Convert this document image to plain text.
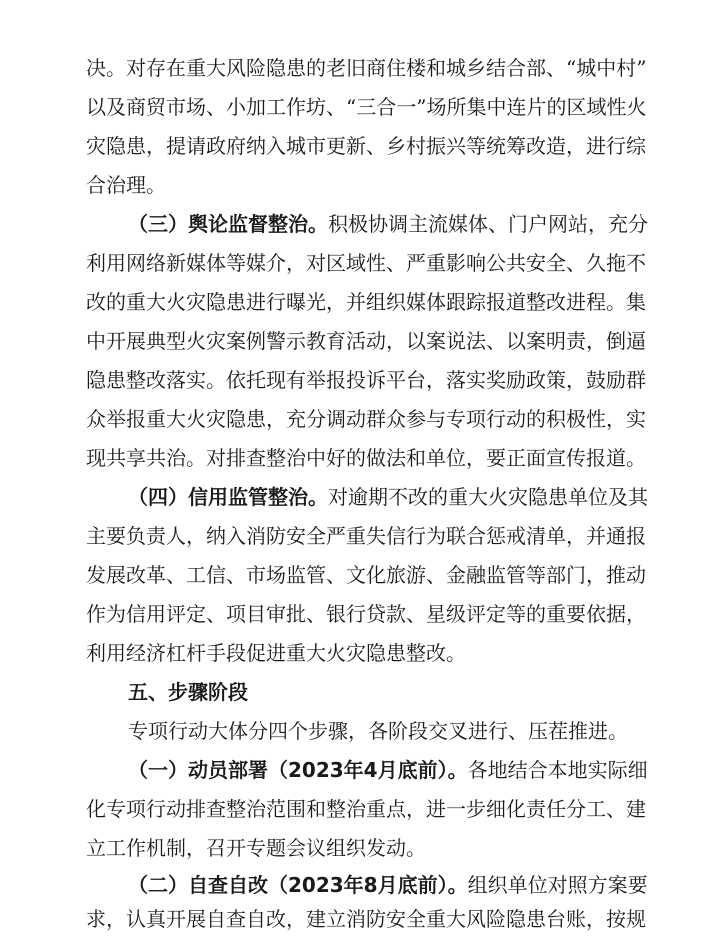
决。对存在重大风险隐患的老旧商住楼和城乡结合部、“城中村”
以及商贸市场、小加工作坊、“三合一”场所集中连片的区域性火
灾隐患，提请政府纳入城市更新、乡村振兴等统筹改造，进行综
合治理。
（三）舆论监督整治。积极协调主流媒体、门户网站，充分
利用网络新媒体等媒介，对区域性、严重影响公共安全、久拖不
改的重大火灾隐患进行曝光，并组织媒体跟踪报道整改进程。集
中开展典型火灾案例警示教育活动，以案说法、以案明责，倒逼
隐患整改落实。依托现有举报投诉平台，落实奖励政策，鼓励群
众举报重大火灾隐患，充分调动群众参与专项行动的积极性，实
现共享共治。对排查整治中好的做法和单位，要正面宣传报道。
（四）信用监管整治。对逾期不改的重大火灾隐患单位及其
主要负责人，纳入消防安全严重失信行为联合惩戒清单，并通报
发展改革、工信、市场监管、文化旅游、金融监管等部门，推动
作为信用评定、项目审批、银行贷款、星级评定等的重要依据，
利用经济杠杆手段促进重大火灾隐患整改。
五、步骤阶段
专项行动大体分四个步骤，各阶段交叉进行、压茬推进。
（一）动员部署（2023年4月底前）。各地结合本地实际细
化专项行动排查整治范围和整治重点，进一步细化责任分工、建
立工作机制，召开专题会议组织发动。
（二）自查自改（2023年8月底前）。组织单位对照方案要
求，认真开展自查自改，建立消防安全重大风险隐患台账，按规
